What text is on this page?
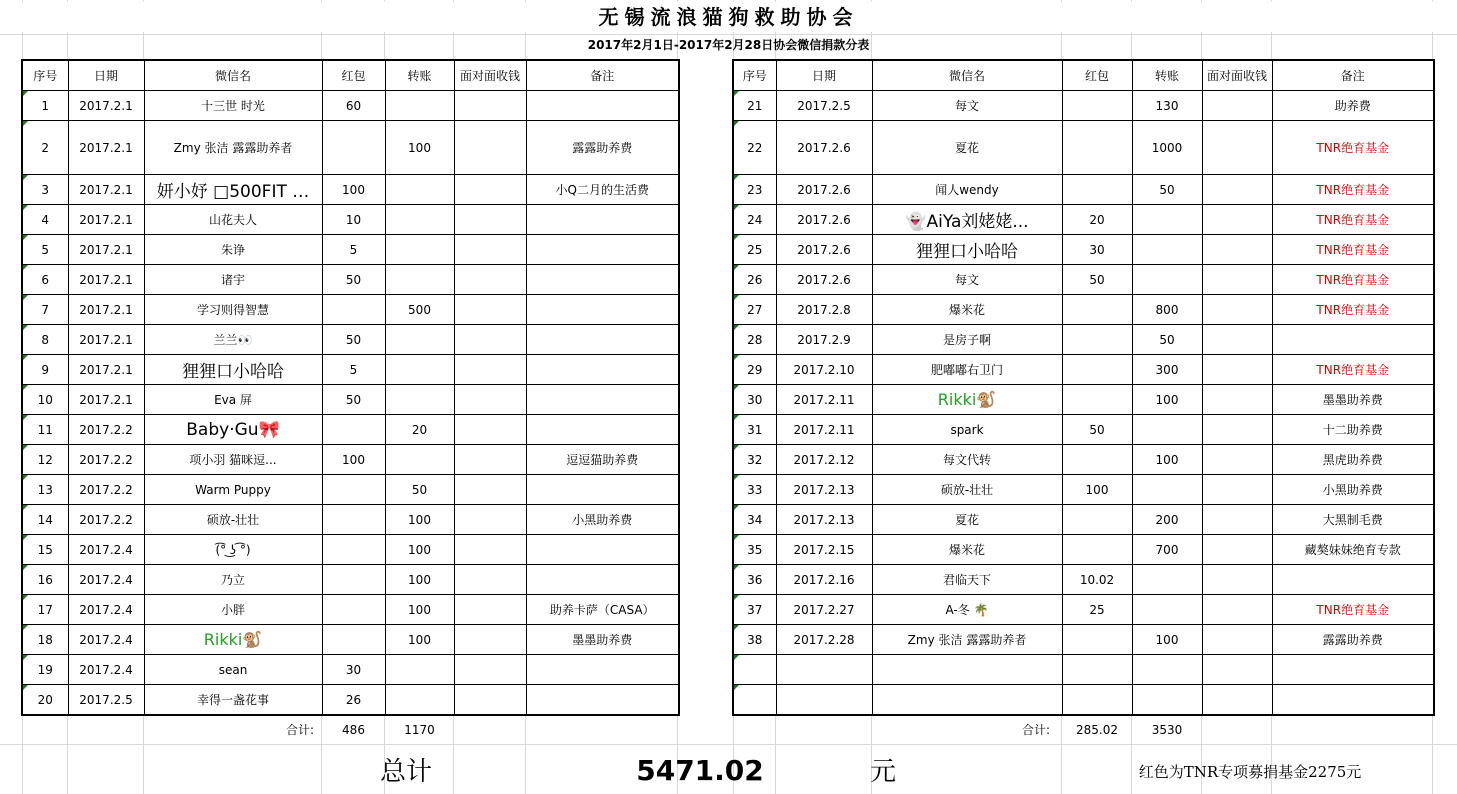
无锡流浪猫狗救助协会
2017年2月1日-2017年2月28日协会微信捐款分表
序号	日期	微信名	红包	转账	面对面收钱	备注
1	2017.2.1	十三世 时光	60			
2	2017.2.1	Zmy 张洁 露露助养者		100		露露助养费
3	2017.2.1	妍小妤 □500FIT …	100			小Q二月的生活费
4	2017.2.1	山花夫人	10			
5	2017.2.1	朱诤	5			
6	2017.2.1	诸宇	50			
7	2017.2.1	学习则得智慧		500		
8	2017.2.1	兰兰👀	50			
9	2017.2.1	狸狸口小哈哈	5			
10	2017.2.1	Eva 屏	50			
11	2017.2.2	Baby·Gu🎀		20		
12	2017.2.2	项小羽 猫咪逗...	100			逗逗猫助养费
13	2017.2.2	Warm Puppy		50		
14	2017.2.2	硕放-壮壮		100		小黑助养费
15	2017.2.4	(͡° ͜ʖ ͡°)		100		
16	2017.2.4	乃立		100		
17	2017.2.4	小胖		100		助养卡萨（CASA）
18	2017.2.4	Rikki🐒		100		墨墨助养费
19	2017.2.4	sean	30			
20	2017.2.5	幸得一盏花事	26			
序号	日期	微信名	红包	转账	面对面收钱	备注
21	2017.2.5	每文		130		助养费
22	2017.2.6	夏花		1000		TNR绝育基金
23	2017.2.6	闻人wendy		50		TNR绝育基金
24	2017.2.6	👻AiYa刘姥姥...	20			TNR绝育基金
25	2017.2.6	狸狸口小哈哈	30			TNR绝育基金
26	2017.2.6	每文	50			TNR绝育基金
27	2017.2.8	爆米花		800		TNR绝育基金
28	2017.2.9	是房子啊		50		
29	2017.2.10	肥嘟嘟右卫门		300		TNR绝育基金
30	2017.2.11	Rikki🐒		100		墨墨助养费
31	2017.2.11	spark	50			十二助养费
32	2017.2.12	每文代转		100		黑虎助养费
33	2017.2.13	硕放-壮壮	100			小黑助养费
34	2017.2.13	夏花		200		大黑制毛费
35	2017.2.15	爆米花		700		藏獒妹妹绝育专款
36	2017.2.16	君临天下	10.02			
37	2017.2.27	A-冬 🌴	25			TNR绝育基金
38	2017.2.28	Zmy 张洁 露露助养者		100		露露助养费

合计:	486	1170	合计:	285.02	3530
总计	5471.02	元	红色为TNR专项募捐基金2275元
